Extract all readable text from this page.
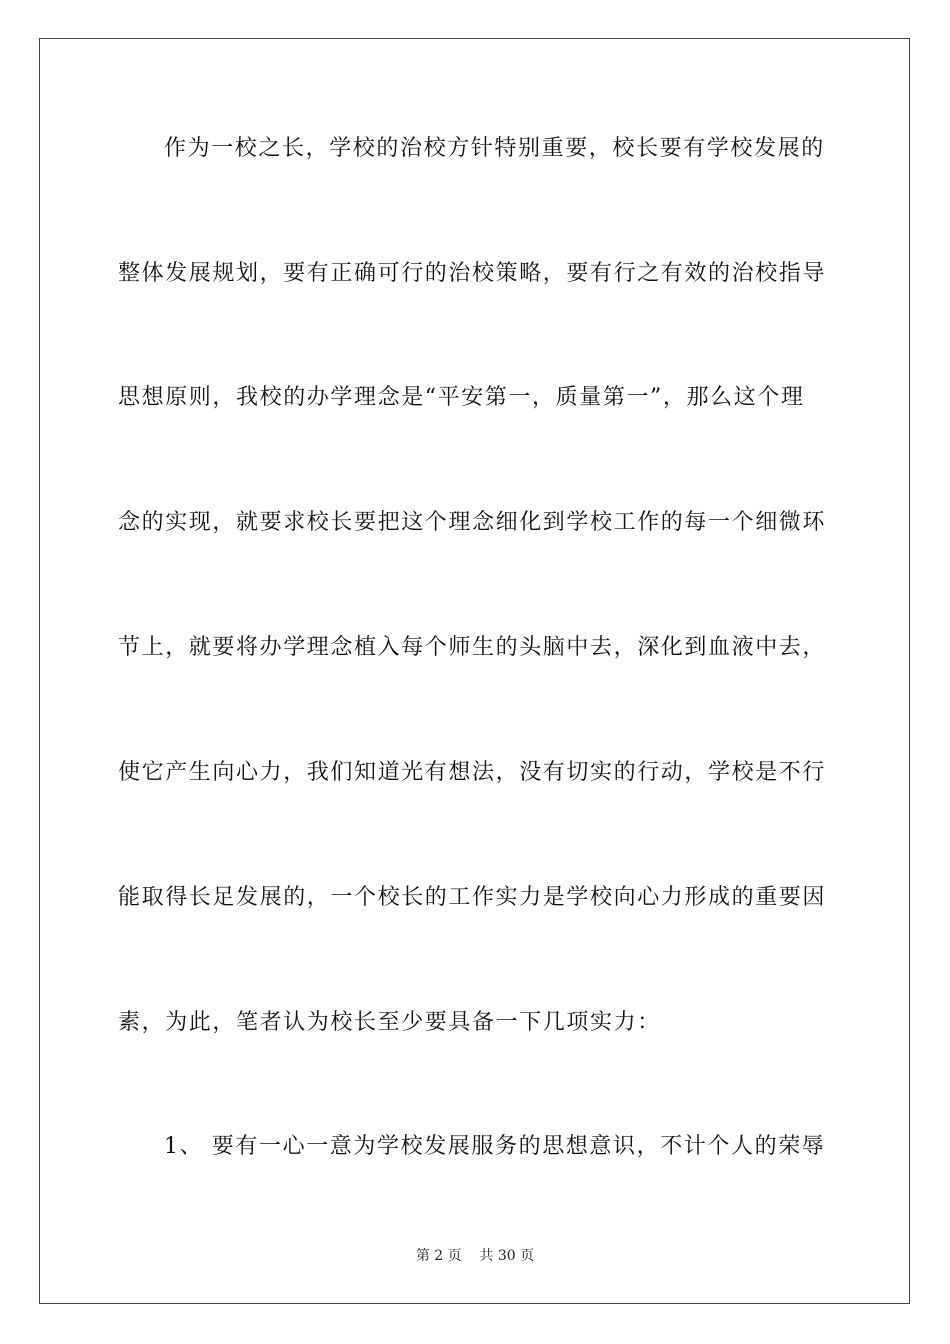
作为一校之长，学校的治校方针特别重要，校长要有学校发展的
整体发展规划，要有正确可行的治校策略，要有行之有效的治校指导
思想原则，我校的办学理念是“平安第一，质量第一”，那么这个理
念的实现，就要求校长要把这个理念细化到学校工作的每一个细微环
节上，就要将办学理念植入每个师生的头脑中去，深化到血液中去，
使它产生向心力，我们知道光有想法，没有切实的行动，学校是不行
能取得长足发展的，一个校长的工作实力是学校向心力形成的重要因
素，为此，笔者认为校长至少要具备一下几项实力：
1、 要有一心一意为学校发展服务的思想意识，不计个人的荣辱
第 2 页    共 30 页
